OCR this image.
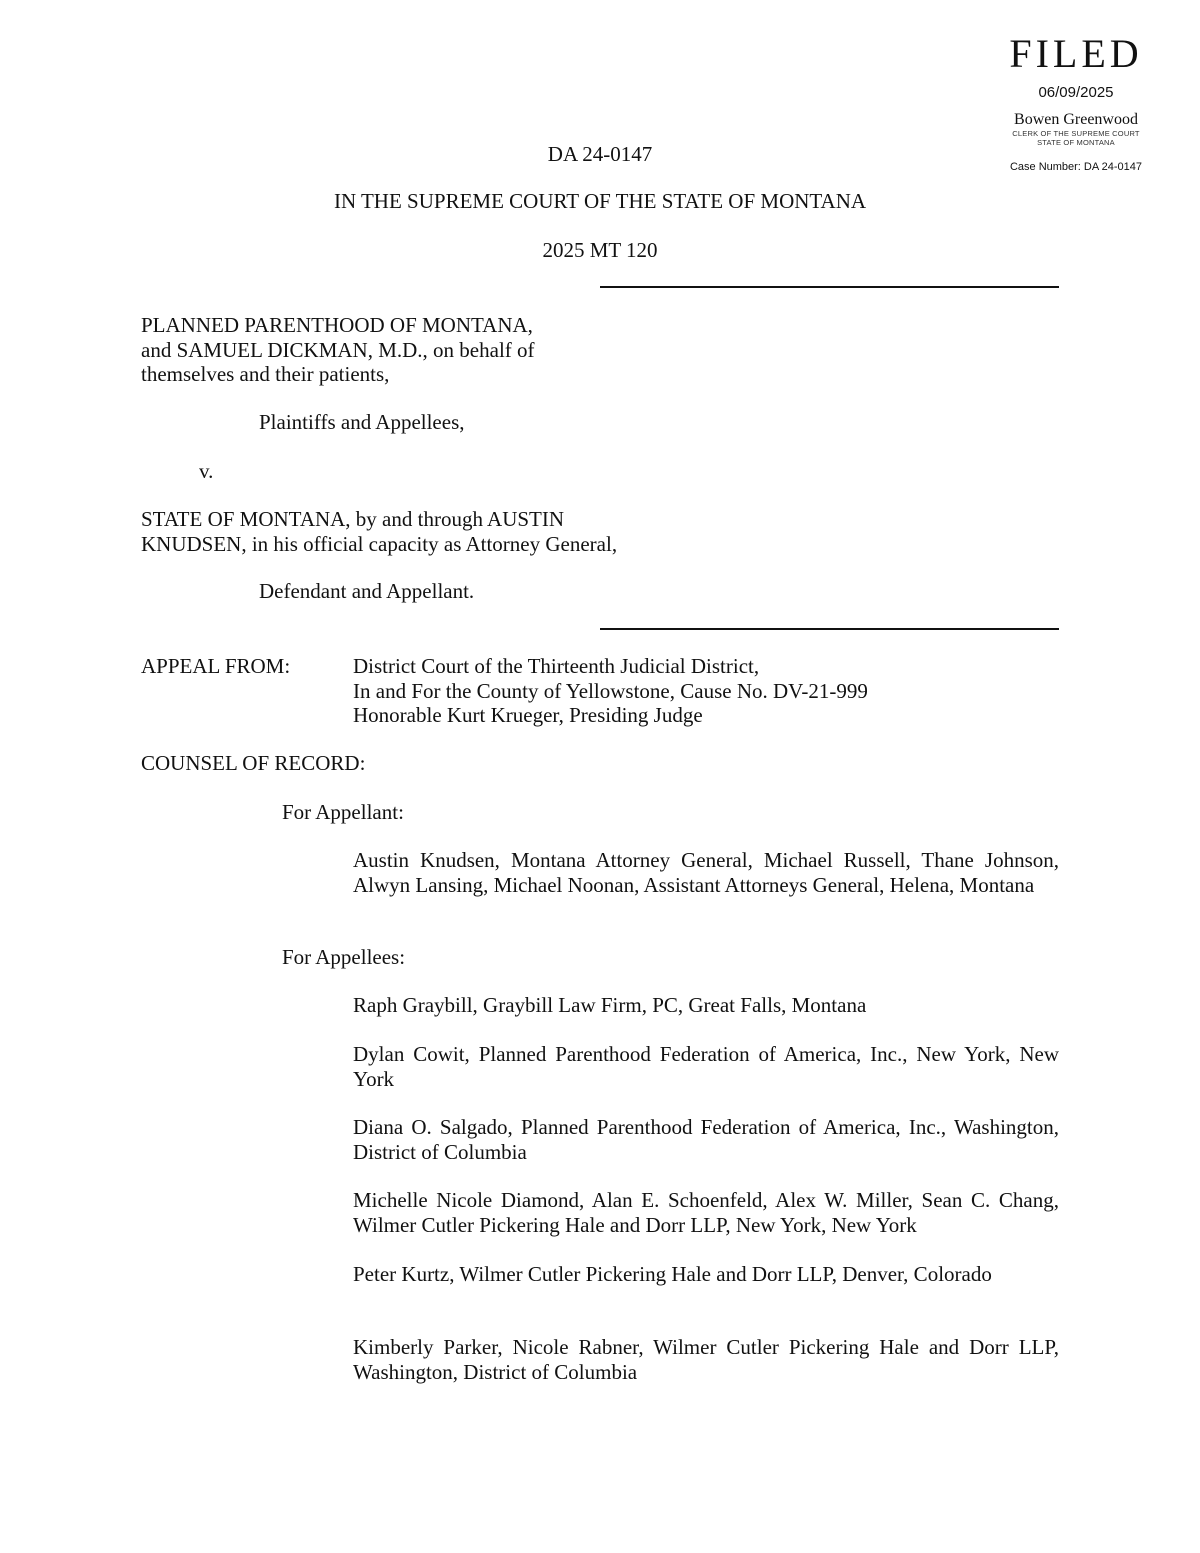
FILED
06/09/2025
Bowen Greenwood
CLERK OF THE SUPREME COURT
STATE OF MONTANA
Case Number: DA 24-0147
DA 24-0147
IN THE SUPREME COURT OF THE STATE OF MONTANA
2025 MT 120
PLANNED PARENTHOOD OF MONTANA,
and SAMUEL DICKMAN, M.D., on behalf of
themselves and their patients,
Plaintiffs and Appellees,
v.
STATE OF MONTANA, by and through AUSTIN
KNUDSEN, in his official capacity as Attorney General,
Defendant and Appellant.
APPEAL FROM:	District Court of the Thirteenth Judicial District,
In and For the County of Yellowstone, Cause No. DV-21-999
Honorable Kurt Krueger, Presiding Judge
COUNSEL OF RECORD:
For Appellant:
Austin Knudsen, Montana Attorney General, Michael Russell, Thane Johnson, Alwyn Lansing, Michael Noonan, Assistant Attorneys General, Helena, Montana
For Appellees:
Raph Graybill, Graybill Law Firm, PC, Great Falls, Montana
Dylan Cowit, Planned Parenthood Federation of America, Inc., New York, New York
Diana O. Salgado, Planned Parenthood Federation of America, Inc., Washington, District of Columbia
Michelle Nicole Diamond, Alan E. Schoenfeld, Alex W. Miller, Sean C. Chang, Wilmer Cutler Pickering Hale and Dorr LLP, New York, New York
Peter Kurtz, Wilmer Cutler Pickering Hale and Dorr LLP, Denver, Colorado
Kimberly Parker, Nicole Rabner, Wilmer Cutler Pickering Hale and Dorr LLP, Washington, District of Columbia
